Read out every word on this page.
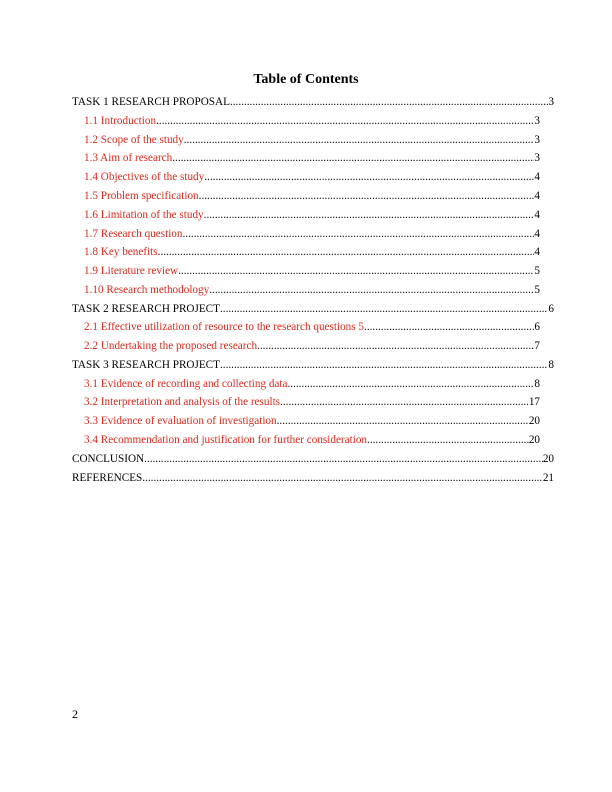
Table of Contents
TASK 1 RESEARCH PROPOSAL .....	3
1.1 Introduction .....	3
1.2 Scope of the study .....	3
1.3 Aim of research .....	3
1.4 Objectives of the study .....	4
1.5 Problem specification .....	4
1.6 Limitation of the study .....	4
1.7 Research question .....	4
1.8 Key benefits .....	4
1.9 Literature review .....	5
1.10 Research methodology .....	5
TASK 2 RESEARCH PROJECT .....	6
2.1 Effective utilization of resource to the research questions 5 .....	6
2.2 Undertaking the proposed research .....	7
TASK 3 RESEARCH PROJECT .....	8
3.1 Evidence of recording and collecting data .....	8
3.2 Interpretation and analysis of the results .....	17
3.3 Evidence of evaluation of investigation .....	20
3.4 Recommendation and justification for further consideration .....	20
CONCLUSION .....	20
REFERENCES .....	21
2
